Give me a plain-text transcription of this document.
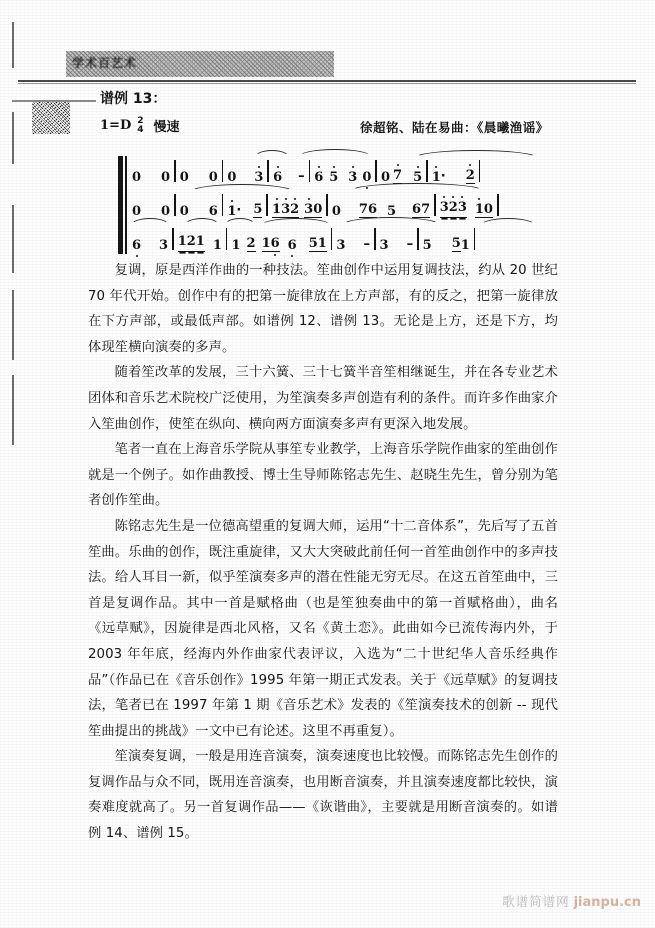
学术百艺术
谱例 13：
1=D 2
4 慢速	徐超铭、陆在易曲：《晨曦渔谣》
0 0 0 0 0 3 6 – 6 5 3 0 0 7 5 1 · 2
0 0 0 6 1 · 5 1 3 2 3 0 0 7 6 5 6 7 3 2 3 1 0
6 3 1 2 1 1 1 2 1 6 6 5 1 3 – 3 – 5 5 1

复调，原是西洋作曲的一种技法。笙曲创作中运用复调技法，约从 20 世纪 70 年代开始。创作中有的把第一旋律放在上方声部，有的反之，把第一旋律放在下方声部，或最低声部。如谱例 12、谱例 13。无论是上方，还是下方，均体现笙横向演奏的多声。

随着笙改革的发展，三十六簧、三十七簧半音笙相继诞生，并在各专业艺术团体和音乐艺术院校广泛使用，为笙演奏多声创造有利的条件。而许多作曲家介入笙曲创作，使笙在纵向、横向两方面演奏多声有更深入地发展。

笔者一直在上海音乐学院从事笙专业教学，上海音乐学院作曲家的笙曲创作就是一个例子。如作曲教授、博士生导师陈铭志先生、赵晓生先生，曾分别为笔者创作笙曲。

陈铭志先生是一位德高望重的复调大师，运用“十二音体系”，先后写了五首笙曲。乐曲的创作，既注重旋律，又大大突破此前任何一首笙曲创作中的多声技法。给人耳目一新，似乎笙演奏多声的潜在性能无穷无尽。在这五首笙曲中，三首是复调作品。其中一首是赋格曲（也是笙独奏曲中的第一首赋格曲），曲名《远草赋》，因旋律是西北风格，又名《黄土恋》。此曲如今已流传海内外，于 2003 年年底，经海内外作曲家代表评议，入选为“二十世纪华人音乐经典作品”（作品已在《音乐创作》1995 年第一期正式发表。关于《远草赋》的复调技法，笔者已在 1997 年第 1 期《音乐艺术》发表的《笙演奏技术的创新 -- 现代笙曲提出的挑战》一文中已有论述。这里不再重复）。

笙演奏复调，一般是用连音演奏，演奏速度也比较慢。而陈铭志先生创作的复调作品与众不同，既用连音演奏，也用断音演奏，并且演奏速度都比较快，演奏难度就高了。另一首复调作品——《诙谐曲》，主要就是用断音演奏的。如谱例 14、谱例 15。

歌谱简谱网 jianpu.cn
